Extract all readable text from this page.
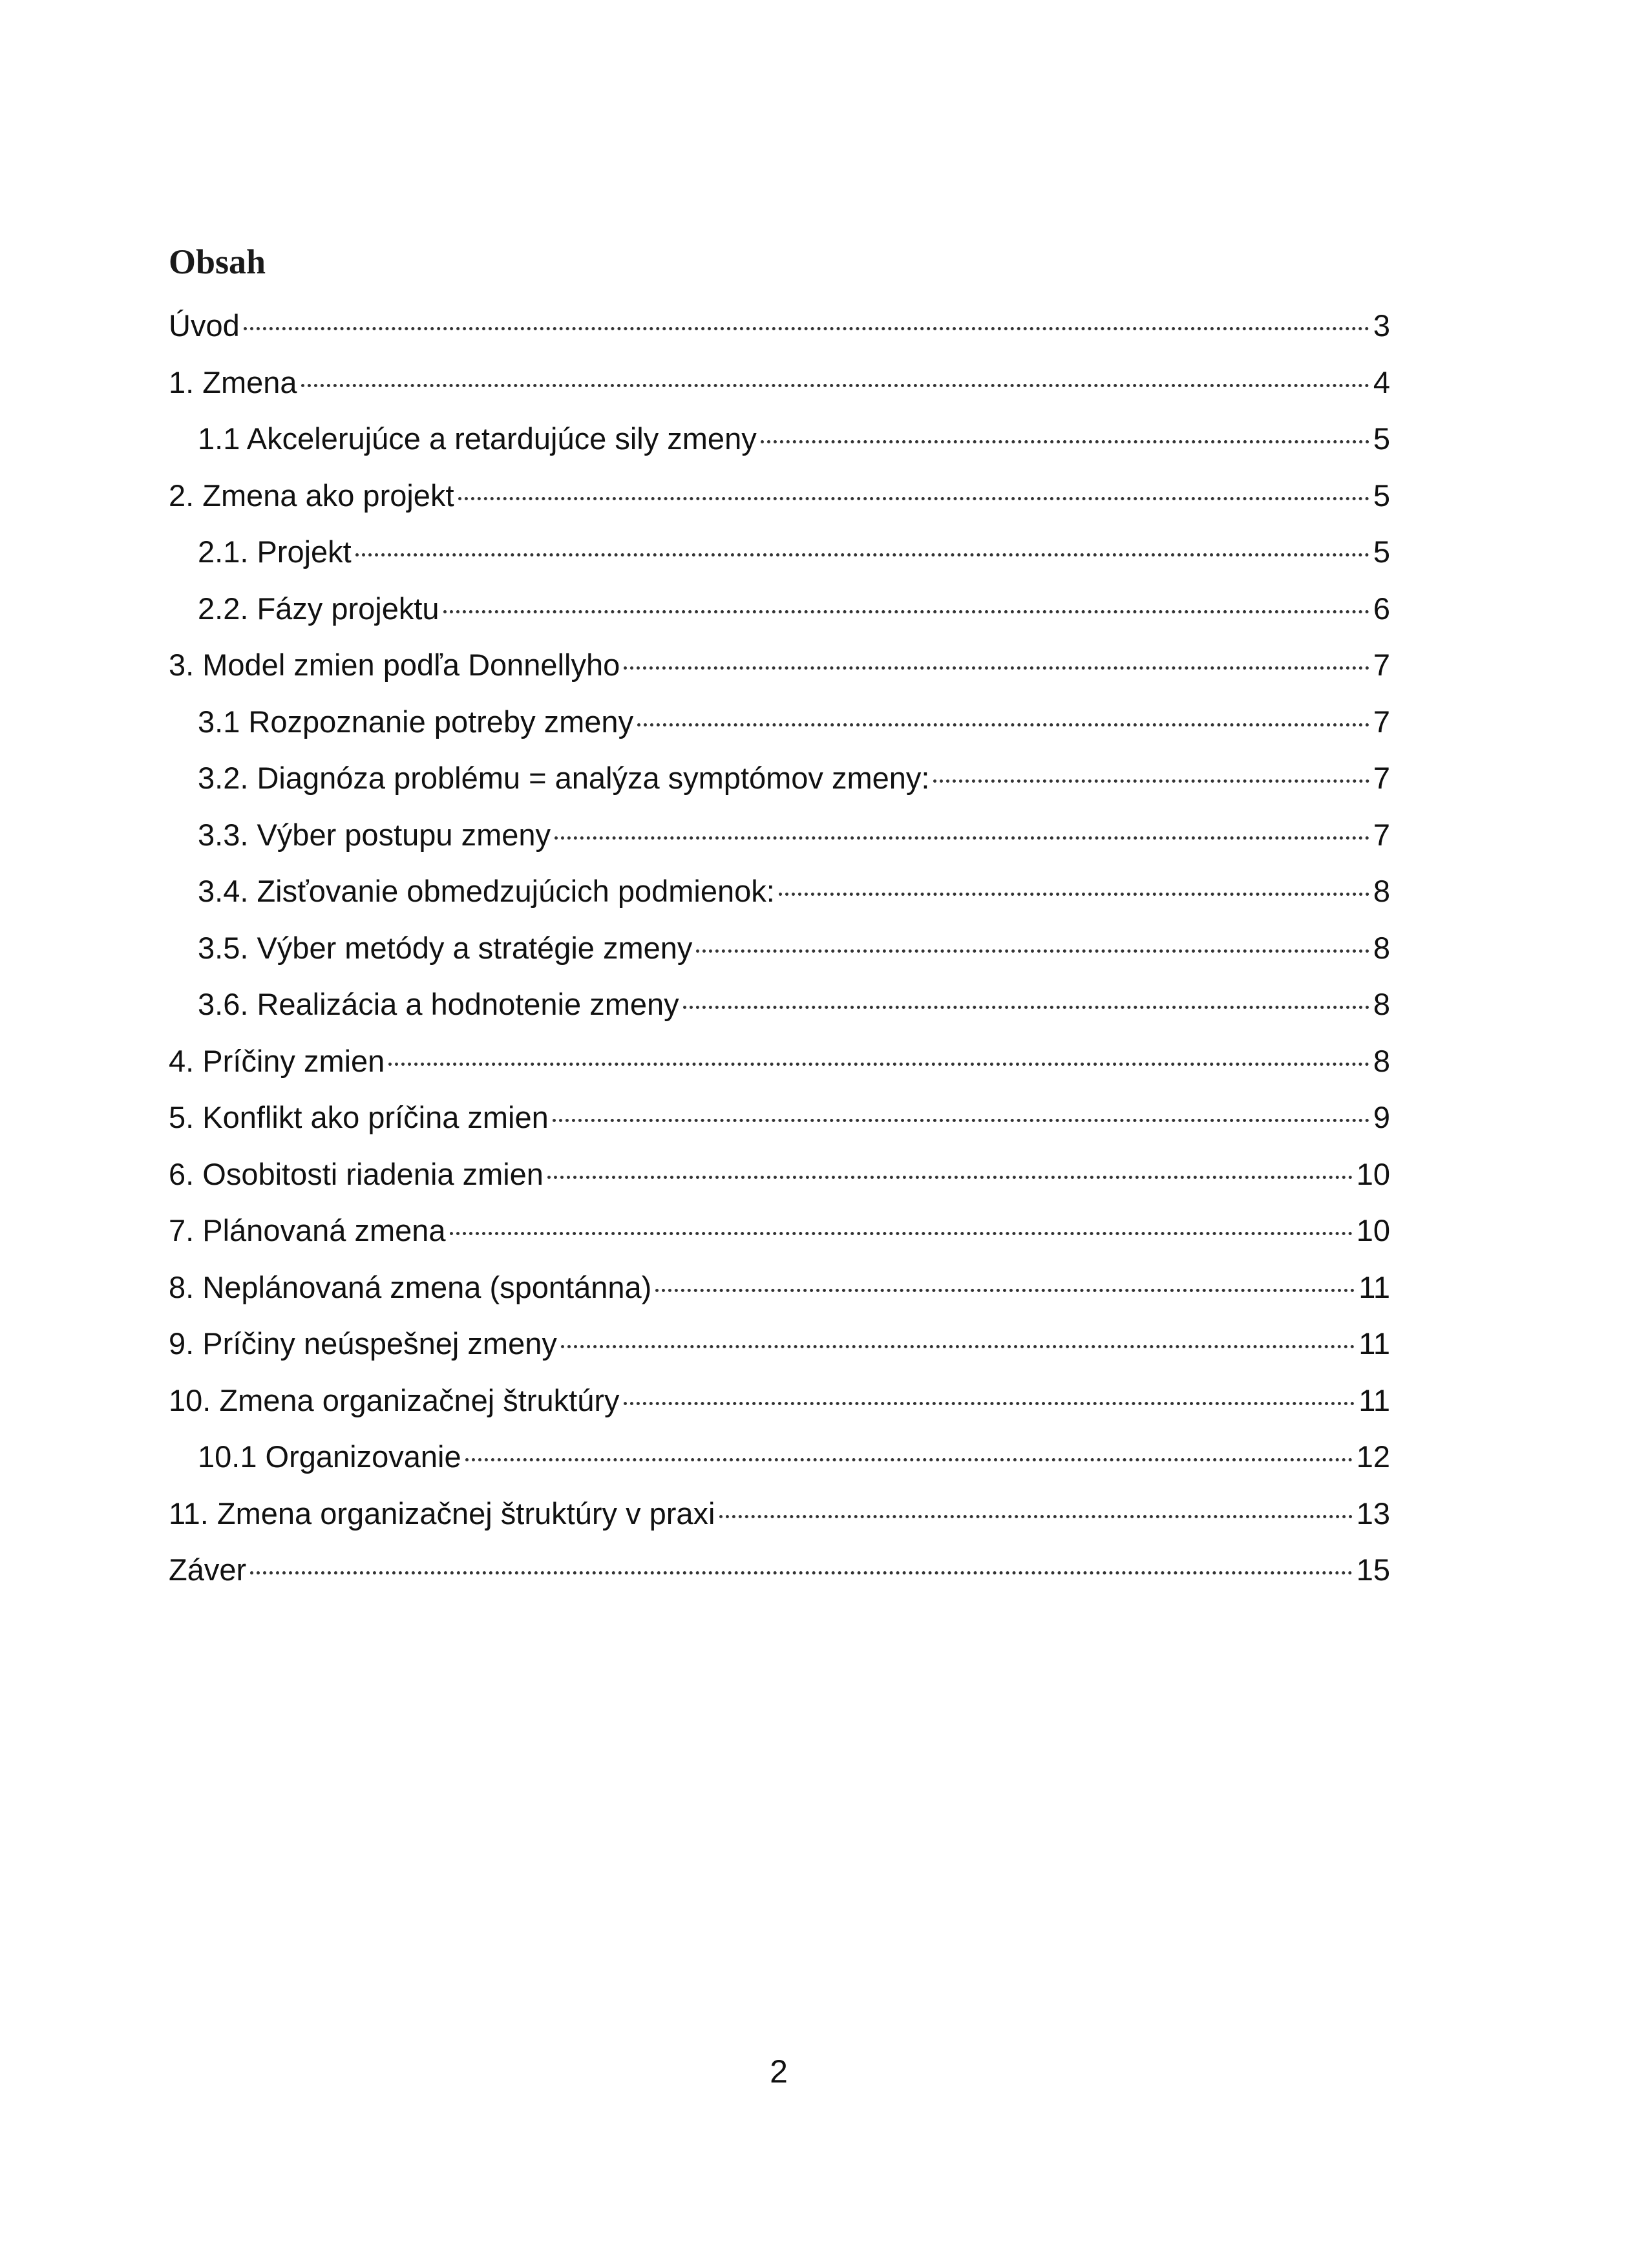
Obsah
Úvod	3
1. Zmena	4
1.1 Akcelerujúce a retardujúce sily zmeny	5
2. Zmena ako projekt	5
2.1. Projekt	5
2.2. Fázy projektu	6
3. Model zmien podľa Donnellyho	7
3.1 Rozpoznanie potreby zmeny	7
3.2. Diagnóza problému = analýza symptómov zmeny:	7
3.3. Výber postupu zmeny	7
3.4. Zisťovanie obmedzujúcich podmienok:	8
3.5. Výber metódy a stratégie zmeny	8
3.6. Realizácia a hodnotenie zmeny	8
4. Príčiny zmien	8
5. Konflikt ako príčina zmien	9
6. Osobitosti riadenia zmien	10
7. Plánovaná zmena	10
8. Neplánovaná zmena (spontánna)	11
9. Príčiny neúspešnej zmeny	11
10. Zmena organizačnej štruktúry	11
10.1 Organizovanie	12
11. Zmena organizačnej štruktúry v praxi	13
Záver	15
2
